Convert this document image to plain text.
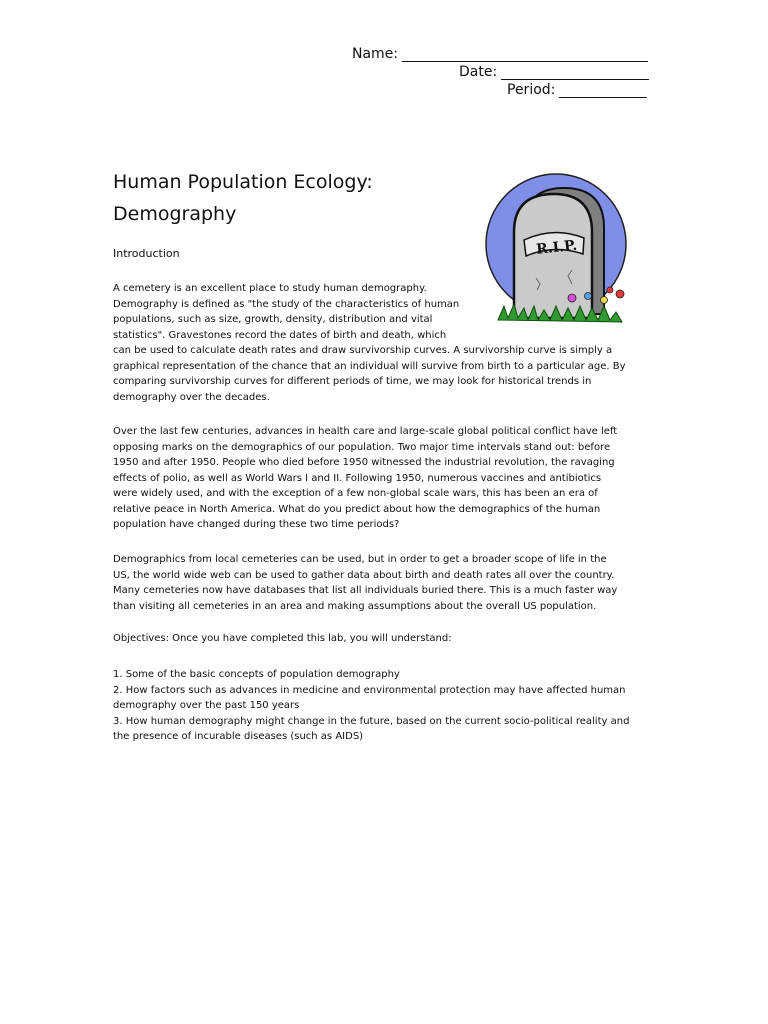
Name:
Date:
Period:
Human Population Ecology:
Demography
R.I.P.
Introduction

A cemetery is an excellent place to study human demography.
Demography is defined as "the study of the characteristics of human
populations, such as size, growth, density, distribution and vital
statistics". Gravestones record the dates of birth and death, which

can be used to calculate death rates and draw survivorship curves. A survivorship curve is simply a
graphical representation of the chance that an individual will survive from birth to a particular age. By
comparing survivorship curves for different periods of time, we may look for historical trends in
demography over the decades.

Over the last few centuries, advances in health care and large-scale global political conflict have left
opposing marks on the demographics of our population. Two major time intervals stand out: before
1950 and after 1950. People who died before 1950 witnessed the industrial revolution, the ravaging
effects of polio, as well as World Wars I and II. Following 1950, numerous vaccines and antibiotics
were widely used, and with the exception of a few non-global scale wars, this has been an era of
relative peace in North America. What do you predict about how the demographics of the human
population have changed during these two time periods?

Demographics from local cemeteries can be used, but in order to get a broader scope of life in the
US, the world wide web can be used to gather data about birth and death rates all over the country.
Many cemeteries now have databases that list all individuals buried there. This is a much faster way
than visiting all cemeteries in an area and making assumptions about the overall US population.

Objectives: Once you have completed this lab, you will understand:

1. Some of the basic concepts of population demography
2. How factors such as advances in medicine and environmental protection may have affected human
demography over the past 150 years
3. How human demography might change in the future, based on the current socio-political reality and
the presence of incurable diseases (such as AIDS)
